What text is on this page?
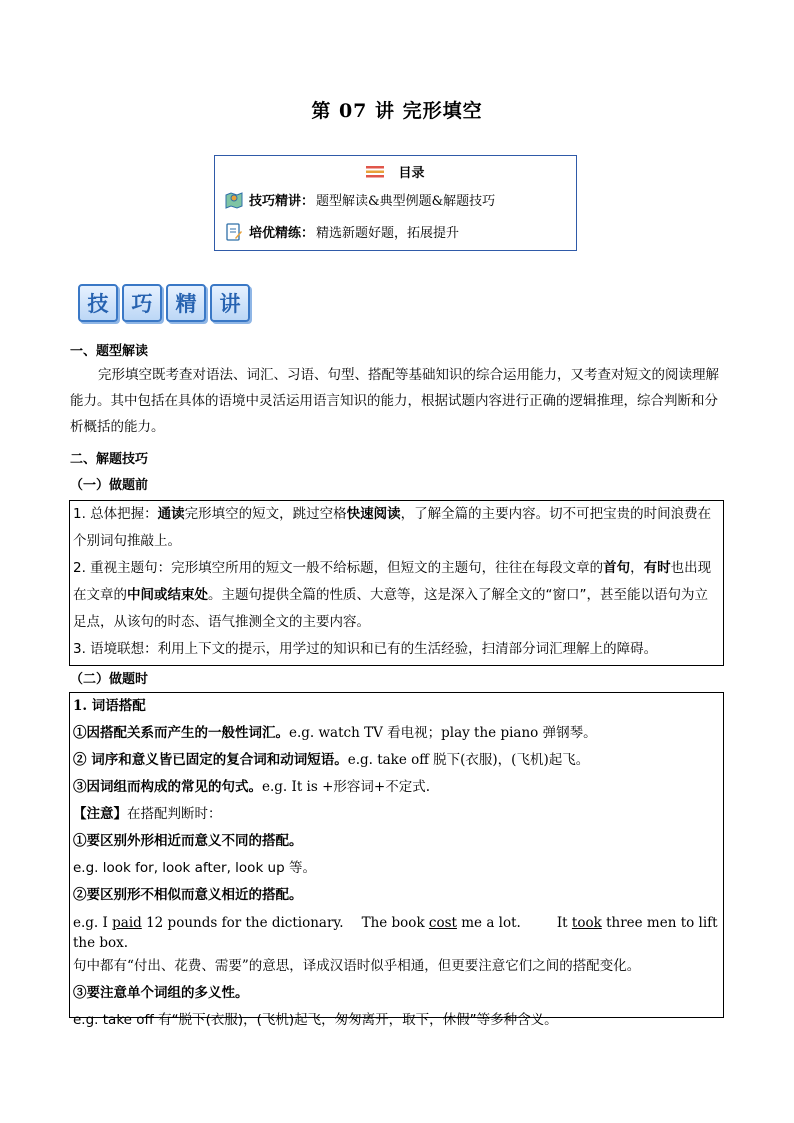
第 07 讲 完形填空
目录
技巧精讲： 题型解读&典型例题&解题技巧
培优精练： 精选新题好题，拓展提升
技	巧	精	讲
一、题型解读
完形填空既考查对语法、词汇、习语、句型、搭配等基础知识的综合运用能力，又考查对短文的阅读理解能力。其中包括在具体的语境中灵活运用语言知识的能力，根据试题内容进行正确的逻辑推理，综合判断和分析概括的能力。
二、解题技巧
（一）做题前

1. 总体把握：通读完形填空的短文，跳过空格快速阅读，了解全篇的主要内容。切不可把宝贵的时间浪费在个别词句推敲上。

2. 重视主题句：完形填空所用的短文一般不给标题，但短文的主题句，往往在每段文章的首句，有时也出现在文章的中间或结束处。主题句提供全篇的性质、大意等，这是深入了解全文的“窗口”，甚至能以语句为立足点，从该句的时态、语气推测全文的主要内容。

3. 语境联想：利用上下文的提示，用学过的知识和已有的生活经验，扫清部分词汇理解上的障碍。

（二）做题时

1. 词语搭配

①因搭配关系而产生的一般性词汇。e.g. watch TV 看电视；play the piano 弹钢琴。

② 词序和意义皆已固定的复合词和动词短语。e.g. take off 脱下(衣服)，(飞机)起飞。

③因词组而构成的常见的句式。e.g. It is +形容词+不定式.

【注意】在搭配判断时：

①要区别外形相近而意义不同的搭配。

e.g. look for, look after, look up 等。

②要区别形不相似而意义相近的搭配。

e.g. I paid 12 pounds for the dictionary. The book cost me a lot.	It took three men to lift the box.

句中都有“付出、花费、需要”的意思，译成汉语时似乎相通，但更要注意它们之间的搭配变化。

③要注意单个词组的多义性。

e.g. take off 有“脱下(衣服)，(飞机)起飞，匆匆离开，取下，休假”等多种含义。
